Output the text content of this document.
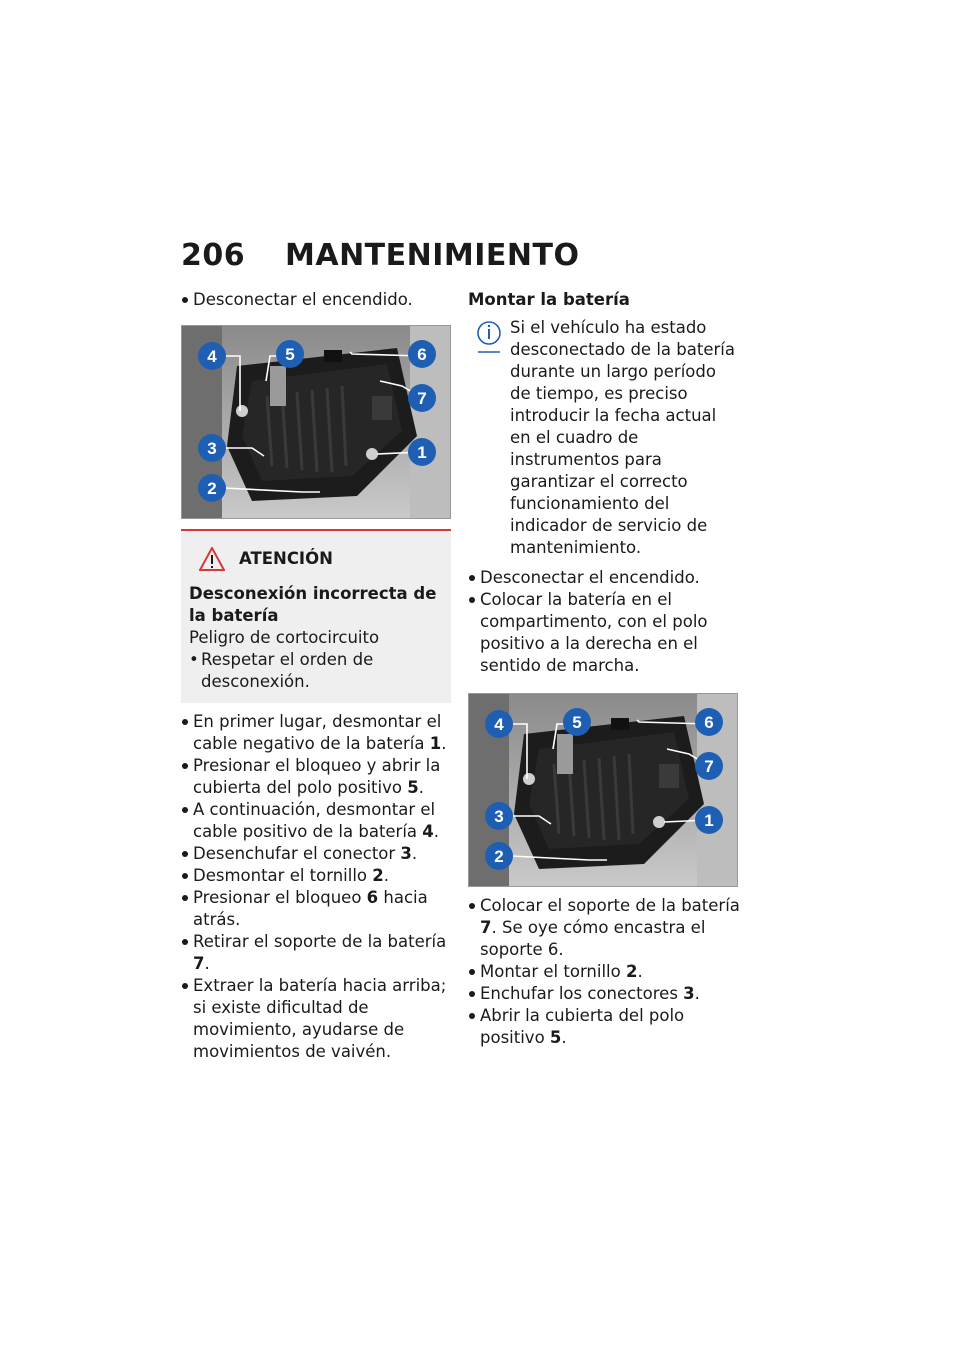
206 MANTENIMIENTO

Desconectar el encendido.

4	5	6
7
3	1
2
ATENCIÓN
Desconexión incorrecta de la batería
Peligro de cortocircuito
• Respetar el orden de desconexión.

En primer lugar, desmontar el cable negativo de la batería 1.

Presionar el bloqueo y abrir la cubierta del polo positivo 5.

A continuación, desmontar el cable positivo de la batería 4.

Desenchufar el conector 3.

Desmontar el tornillo 2.

Presionar el bloqueo 6 hacia atrás.

Retirar el soporte de la batería 7.

Extraer la batería hacia arriba; si existe dificultad de movimiento, ayudarse de movimientos de vaivén.

Montar la batería
Si el vehículo ha estado desconectado de la batería durante un largo período de tiempo, es preciso introducir la fecha actual en el cuadro de instrumentos para garantizar el correcto funcionamiento del indicador de servicio de mantenimiento.

Desconectar el encendido.

Colocar la batería en el compartimento, con el polo positivo a la derecha en el sentido de marcha.

4	5	6
7
3	1
2

Colocar el soporte de la batería 7. Se oye cómo encastra el soporte 6.

Montar el tornillo 2.

Enchufar los conectores 3.

Abrir la cubierta del polo positivo 5.
